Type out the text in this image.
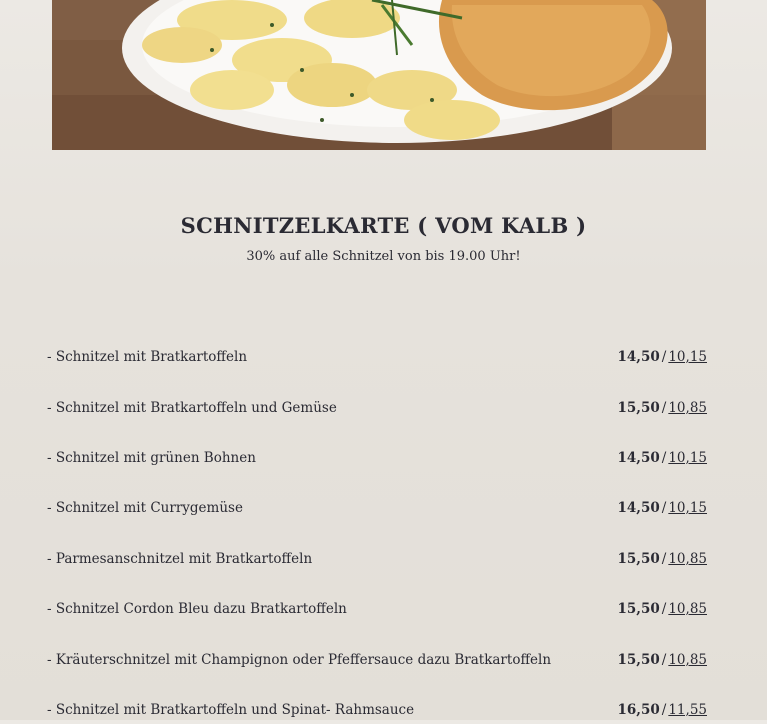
SCHNITZELKARTE ( VOM KALB )
30% auf alle Schnitzel von bis 19.00 Uhr!
- Schnitzel mit Bratkartoffeln	14,50 / 10,15
- Schnitzel mit Bratkartoffeln und Gemüse	15,50 / 10,85
- Schnitzel mit grünen Bohnen	14,50 / 10,15
- Schnitzel mit Currygemüse	14,50 / 10,15
- Parmesanschnitzel mit Bratkartoffeln	15,50 / 10,85
- Schnitzel Cordon Bleu dazu Bratkartoffeln	15,50 / 10,85
- Kräuterschnitzel mit Champignon oder Pfeffersauce dazu Bratkartoffeln	15,50 / 10,85
- Schnitzel mit Bratkartoffeln und Spinat- Rahmsauce	16,50 / 11,55
